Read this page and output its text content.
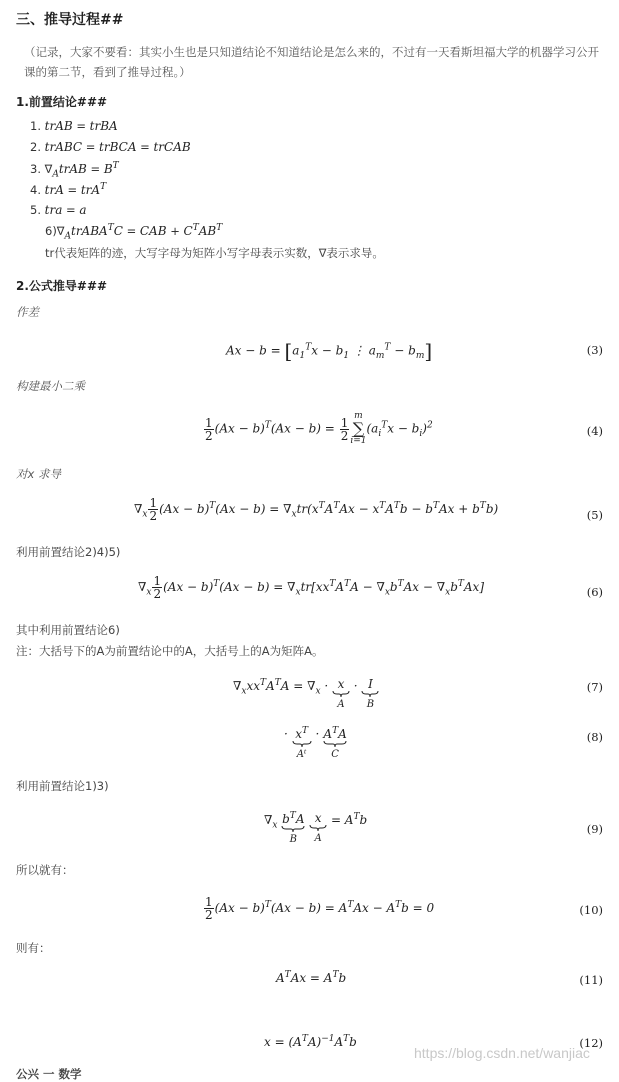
三、推导过程##
（记录，大家不要看：其实小生也是只知道结论不知道结论是怎么来的，不过有一天看斯坦福大学的机器学习公开课的第二节，看到了推导过程。）
1.前置结论###
1. trAB = trBA
2. trABC = trBCA = trCAB
3. $\nabla_AtrAB = B^T$
4. trA = trA$^T$
5. tra = a
$6)\nabla_AtrABA^TC$ = CAB + $C^TAB^T$
tr代表矩阵的迹，大写字母为矩阵小写字母表示实数，∇表示求导。
2.公式推导###
作差
$Ax - b = [a_1^Tx - b_1$ ⋮ $a_m^T - b_m$]	(3)
构建最小二乘
$\frac{1}{2} (Ax - b)^T(Ax - b) = \frac{1}{2}$
m
∑
i=1
$(a_i^Tx - b_i)^2$	(4)
对x 求导
$\nabla_x \frac{1}{2} (Ax - b)^T(Ax - b) = \nabla_xtr(x^TA^TAx - x^TA^Tb - b^TAx + b^Tb)$	(5)
利用前置结论2)4)5)
$\nabla_x \frac{1}{2} (Ax - b)^T(Ax - b) = \nabla_xtr[xx^TA^TA - \nabla_xb^TAx - \nabla_xb^TAx]$	(6)
其中利用前置结论6)
注：大括号下的A为前置结论中的A，大括号上的A为矩阵A。
$\nabla_xxx^TA^TA = \nabla_x \cdot x$
A · I
B
(7)
· $x^T$
Aᵗ · $A^TA$
C
(8)
利用前置结论1)3)
$\nabla_x$ $b^TA$
B x
$A = A^Tb$
(9)
所以就有：
$\frac{1}{2} (Ax - b)^T(Ax - b) = A^TAx - A^Tb = 0$	(10)
则有：
$A^TAx = A^Tb$	(11)
$x = (A^TA)^{-1}A^Tb$	(12)
https://blog.csdn.net/wanjiac
公兴 一 数学
